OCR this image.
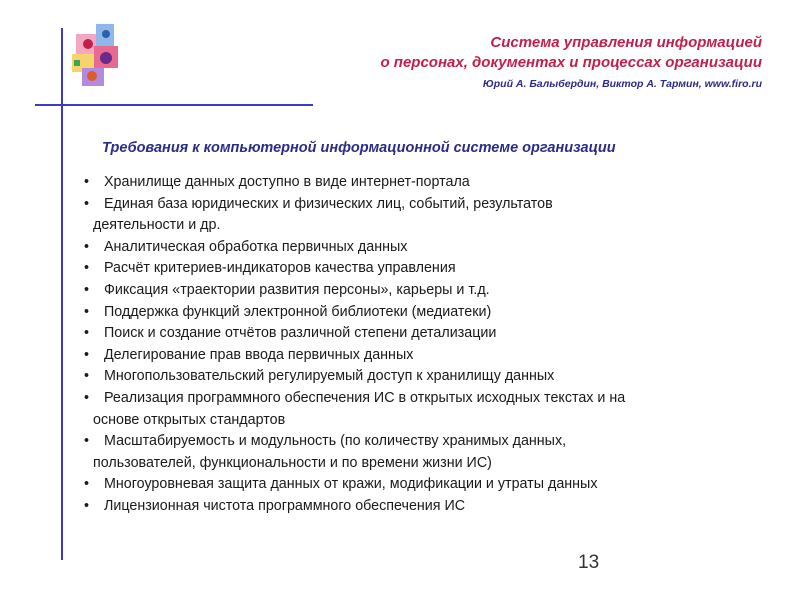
Система управления информацией
о персонах, документах и процессах организации
Юрий А. Балыбердин, Виктор А. Тармин, www.firo.ru
Требования к компьютерной информационной системе организации
• Хранилище данных доступно в виде интернет-портала
• Единая база юридических и физических лиц, событий, результатов
деятельности и др.
• Аналитическая обработка первичных данных
• Расчёт критериев-индикаторов качества управления
• Фиксация «траектории развития персоны», карьеры и т.д.
• Поддержка функций электронной библиотеки (медиатеки)
• Поиск и создание отчётов различной степени детализации
• Делегирование прав ввода первичных данных
• Многопользовательский регулируемый доступ к хранилищу данных
• Реализация программного обеспечения ИС в открытых исходных текстах и на
основе открытых стандартов
• Масштабируемость и модульность (по количеству хранимых данных,
пользователей, функциональности и по времени жизни ИС)
• Многоуровневая защита данных от кражи, модификации и утраты данных
• Лицензионная чистота программного обеспечения ИС
13
